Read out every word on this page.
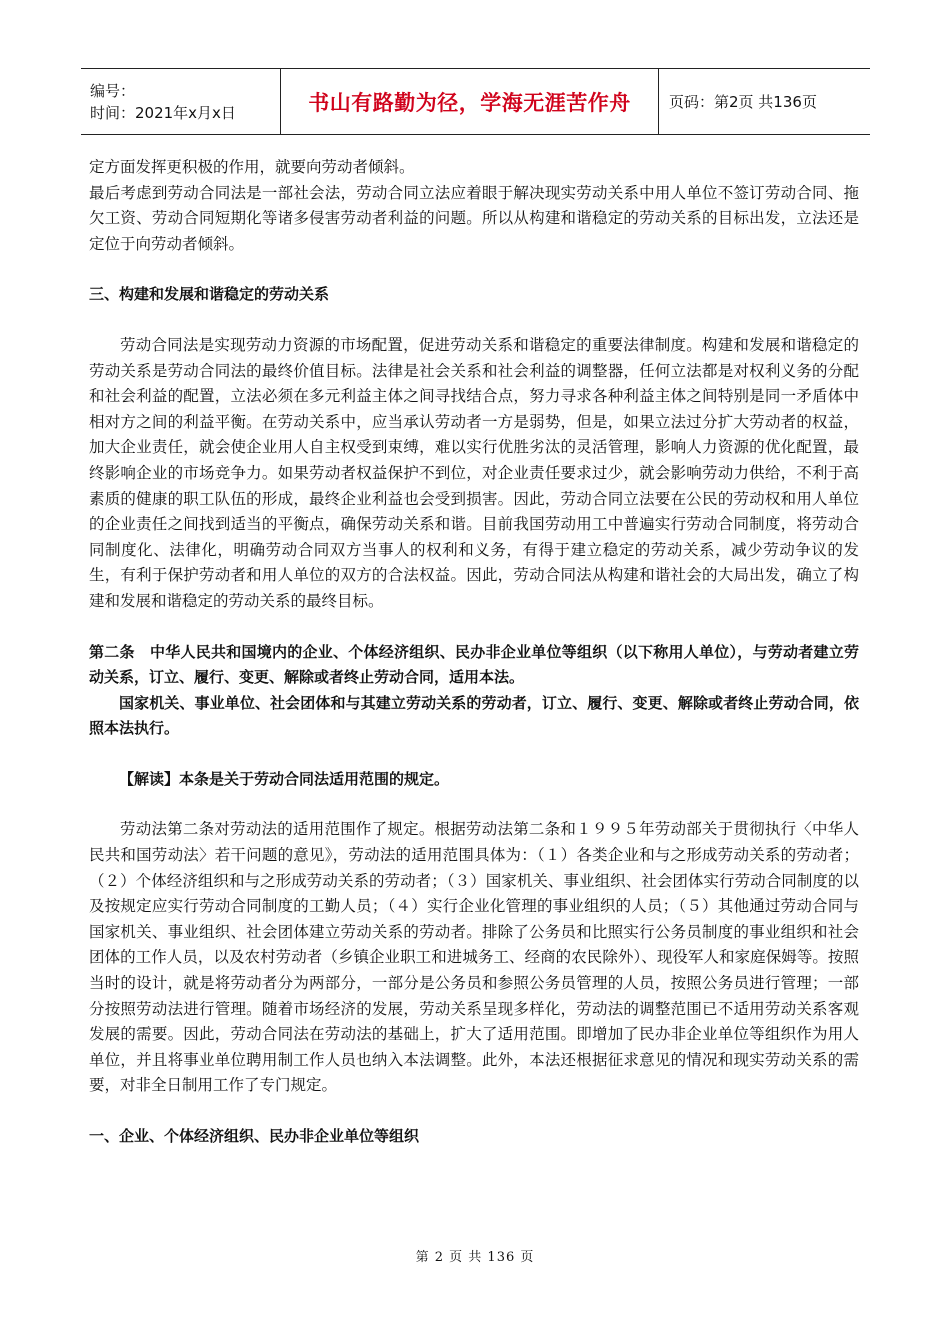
编号：
时间：2021年x月x日	书山有路勤为径，学海无涯苦作舟	页码：第2页 共136页

定方面发挥更积极的作用，就要向劳动者倾斜。

最后考虑到劳动合同法是一部社会法，劳动合同立法应着眼于解决现实劳动关系中用人单位不签订劳动合同、拖欠工资、劳动合同短期化等诸多侵害劳动者利益的问题。所以从构建和谐稳定的劳动关系的目标出发，立法还是定位于向劳动者倾斜。

三、构建和发展和谐稳定的劳动关系

劳动合同法是实现劳动力资源的市场配置，促进劳动关系和谐稳定的重要法律制度。构建和发展和谐稳定的劳动关系是劳动合同法的最终价值目标。法律是社会关系和社会利益的调整器，任何立法都是对权利义务的分配和社会利益的配置，立法必须在多元利益主体之间寻找结合点，努力寻求各种利益主体之间特别是同一矛盾体中相对方之间的利益平衡。在劳动关系中，应当承认劳动者一方是弱势，但是，如果立法过分扩大劳动者的权益，加大企业责任，就会使企业用人自主权受到束缚，难以实行优胜劣汰的灵活管理，影响人力资源的优化配置，最终影响企业的市场竞争力。如果劳动者权益保护不到位，对企业责任要求过少，就会影响劳动力供给，不利于高素质的健康的职工队伍的形成，最终企业利益也会受到损害。因此，劳动合同立法要在公民的劳动权和用人单位的企业责任之间找到适当的平衡点，确保劳动关系和谐。目前我国劳动用工中普遍实行劳动合同制度，将劳动合同制度化、法律化，明确劳动合同双方当事人的权利和义务，有得于建立稳定的劳动关系，减少劳动争议的发生，有利于保护劳动者和用人单位的双方的合法权益。因此，劳动合同法从构建和谐社会的大局出发，确立了构建和发展和谐稳定的劳动关系的最终目标。

第二条　中华人民共和国境内的企业、个体经济组织、民办非企业单位等组织（以下称用人单位），与劳动者建立劳动关系，订立、履行、变更、解除或者终止劳动合同，适用本法。

国家机关、事业单位、社会团体和与其建立劳动关系的劳动者，订立、履行、变更、解除或者终止劳动合同，依照本法执行。

【解读】本条是关于劳动合同法适用范围的规定。

劳动法第二条对劳动法的适用范围作了规定。根据劳动法第二条和１９９５年劳动部关于贯彻执行〈中华人民共和国劳动法〉若干问题的意见》，劳动法的适用范围具体为：（１）各类企业和与之形成劳动关系的劳动者；（２）个体经济组织和与之形成劳动关系的劳动者；（３）国家机关、事业组织、社会团体实行劳动合同制度的以及按规定应实行劳动合同制度的工勤人员；（４）实行企业化管理的事业组织的人员；（５）其他通过劳动合同与国家机关、事业组织、社会团体建立劳动关系的劳动者。排除了公务员和比照实行公务员制度的事业组织和社会团体的工作人员，以及农村劳动者（乡镇企业职工和进城务工、经商的农民除外）、现役军人和家庭保姆等。按照当时的设计，就是将劳动者分为两部分，一部分是公务员和参照公务员管理的人员，按照公务员进行管理；一部分按照劳动法进行管理。随着市场经济的发展，劳动关系呈现多样化，劳动法的调整范围已不适用劳动关系客观发展的需要。因此，劳动合同法在劳动法的基础上，扩大了适用范围。即增加了民办非企业单位等组织作为用人单位，并且将事业单位聘用制工作人员也纳入本法调整。此外，本法还根据征求意见的情况和现实劳动关系的需要，对非全日制用工作了专门规定。

一、企业、个体经济组织、民办非企业单位等组织

第 2 页 共 136 页
